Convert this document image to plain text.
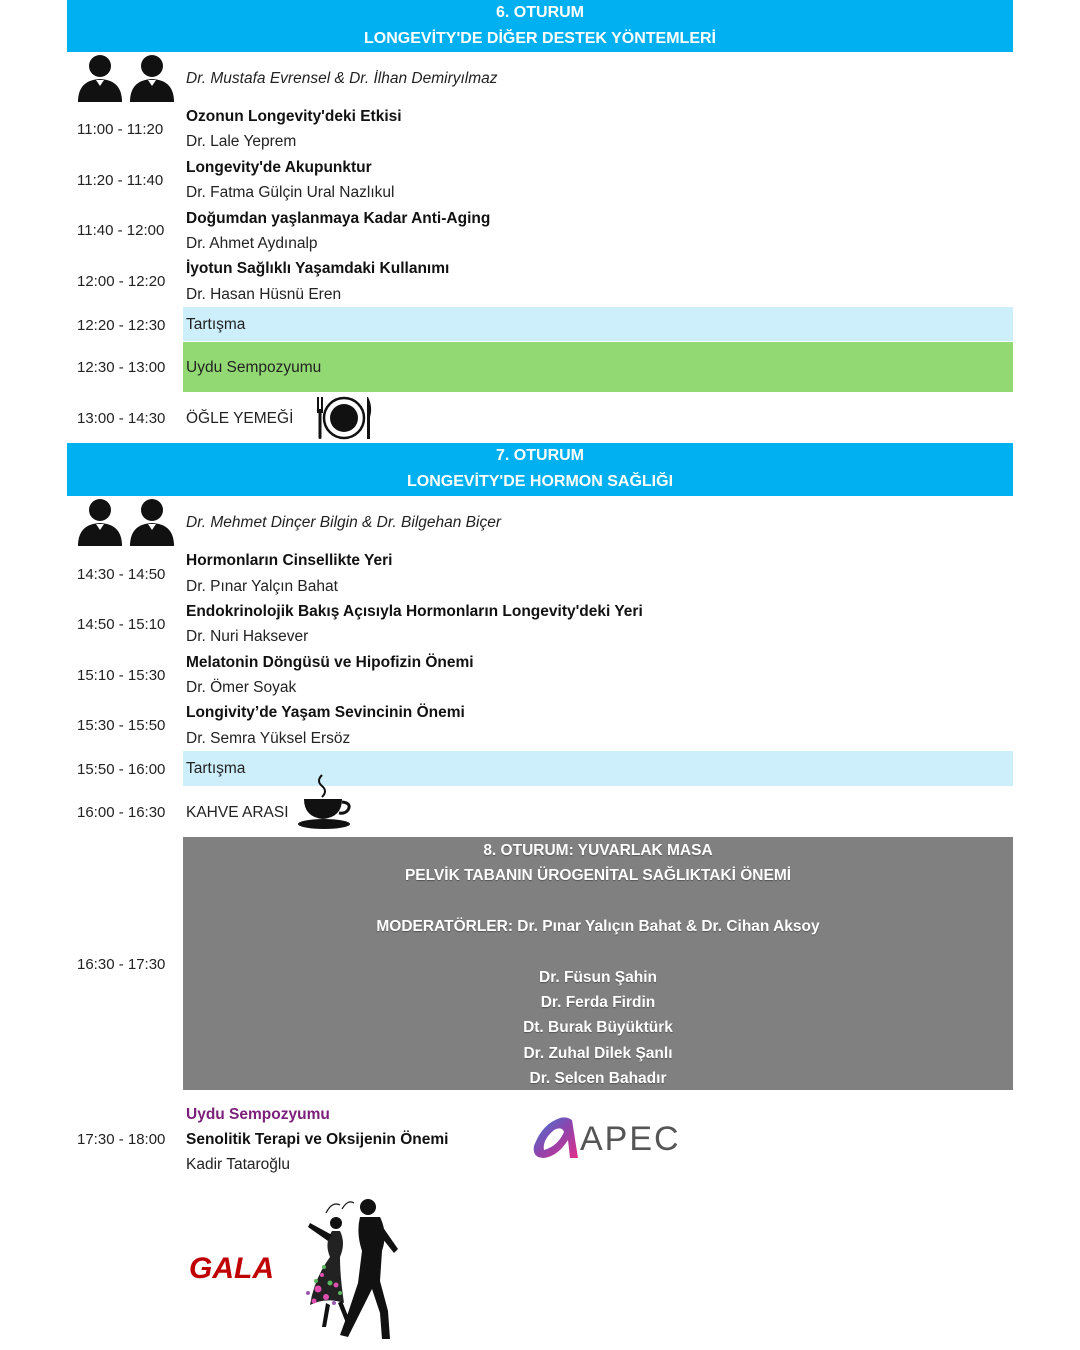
6. OTURUM
LONGEVİTY'DE DİĞER DESTEK YÖNTEMLERİ
Dr. Mustafa Evrensel & Dr. İlhan Demiryılmaz
11:00 - 11:20
Ozonun Longevity'deki Etkisi
Dr. Lale Yeprem
11:20 - 11:40
Longevity'de Akupunktur
Dr. Fatma Gülçin Ural Nazlıkul
11:40 - 12:00
Doğumdan yaşlanmaya Kadar Anti-Aging
Dr. Ahmet Aydınalp
12:00 - 12:20
İyotun Sağlıklı Yaşamdaki Kullanımı
Dr. Hasan Hüsnü Eren
12:20 - 12:30 Tartışma
12:30 - 13:00 Uydu Sempozyumu
13:00 - 14:30 ÖĞLE YEMEĞİ
7. OTURUM
LONGEVİTY'DE HORMON SAĞLIĞI
Dr. Mehmet Dinçer Bilgin & Dr. Bilgehan Biçer
14:30 - 14:50
Hormonların Cinsellikte Yeri
Dr. Pınar Yalçın Bahat
14:50 - 15:10
Endokrinolojik Bakış Açısıyla Hormonların Longevity'deki Yeri
Dr. Nuri Haksever
15:10 - 15:30
Melatonin Döngüsü ve Hipofizin Önemi
Dr. Ömer Soyak
15:30 - 15:50
Longivity’de Yaşam Sevincinin Önemi
Dr. Semra Yüksel Ersöz
15:50 - 16:00 Tartışma
16:00 - 16:30 KAHVE ARASI
16:30 - 17:30
8. OTURUM: YUVARLAK MASA
PELVİK TABANIN ÜROGENİTAL SAĞLIKTAKİ ÖNEMİ
MODERATÖRLER: Dr. Pınar Yalıçın Bahat & Dr. Cihan Aksoy
Dr. Füsun Şahin
Dr. Ferda Firdin
Dt. Burak Büyüktürk
Dr. Zuhal Dilek Şanlı
Dr. Selcen Bahadır
Uydu Sempozyumu
17:30 - 18:00 Senolitik Terapi ve Oksijenin Önemi
Kadir Tataroğlu
APEC
GALA
